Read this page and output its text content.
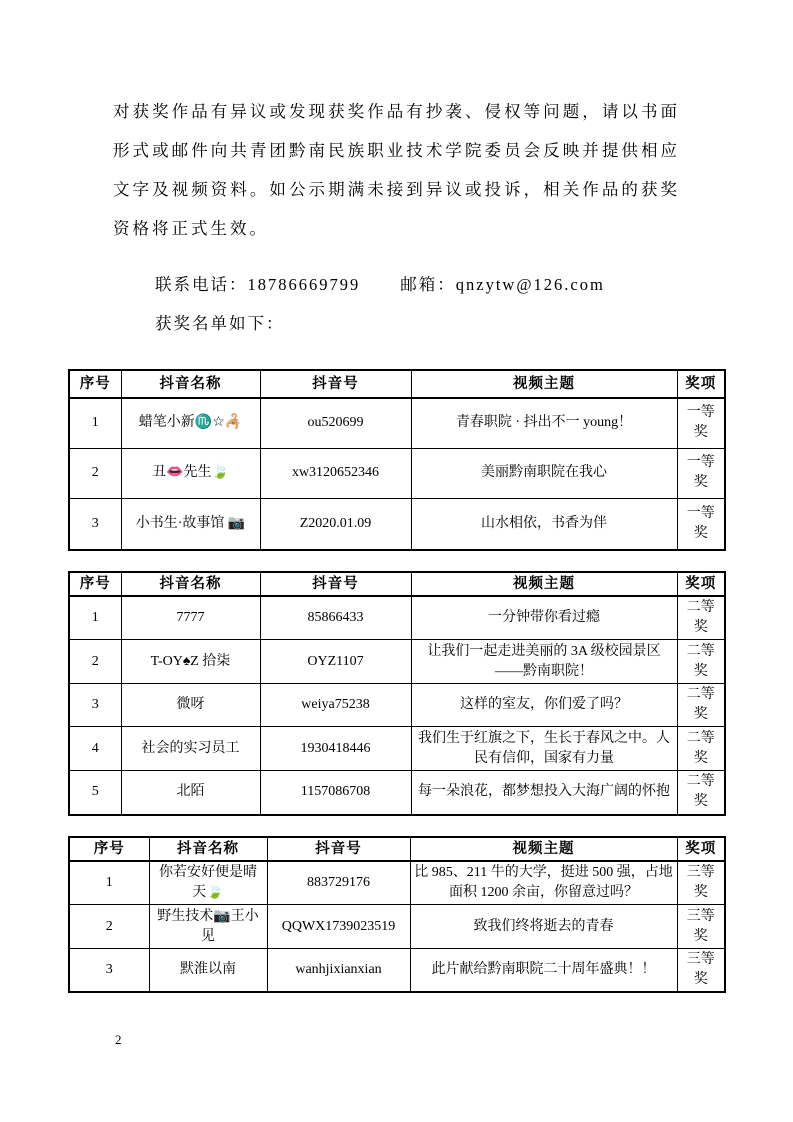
对获奖作品有异议或发现获奖作品有抄袭、侵权等问题，请以书面形式或邮件向共青团黔南民族职业技术学院委员会反映并提供相应文字及视频资料。如公示期满未接到异议或投诉，相关作品的获奖资格将正式生效。

联系电话：18786669799 邮箱：qnzytw@126.com

获奖名单如下：

序号	抖音名称	抖音号	视频主题	奖项
1	蜡笔小新♏☆🦂	ou520699	青春职院 · 抖出不一 young！	一等奖
2	丑👄先生🍃	xw3120652346	美丽黔南职院在我心	一等奖
3	小书生·故事馆 📷	Z2020.01.09	山水相依，书香为伴	一等奖
序号	抖音名称	抖音号	视频主题	奖项
1	7777	85866433	一分钟带你看过瘾	二等奖
2	T-OY♠Z 拾柒	OYZ1107	让我们一起走进美丽的 3A 级校园景区 ——黔南职院！	二等奖
3	微呀	weiya75238	这样的室友，你们爱了吗？	二等奖
4	社会的实习员工	1930418446	我们生于红旗之下，生长于春风之中。人民有信仰，国家有力量	二等奖
5	北陌	1157086708	每一朵浪花，都梦想投入大海广阔的怀抱	二等奖
序号	抖音名称	抖音号	视频主题	奖项
1	你若安好便是晴天🍃	883729176	比 985、211 牛的大学，挺进 500 强，占地面积 1200 余亩，你留意过吗？	三等奖
2	野生技术📷王小见	QQWX1739023519	致我们终将逝去的青春	三等奖
3	默淮以南	wanhjixianxian	此片献给黔南职院二十周年盛典！！	三等奖
2
